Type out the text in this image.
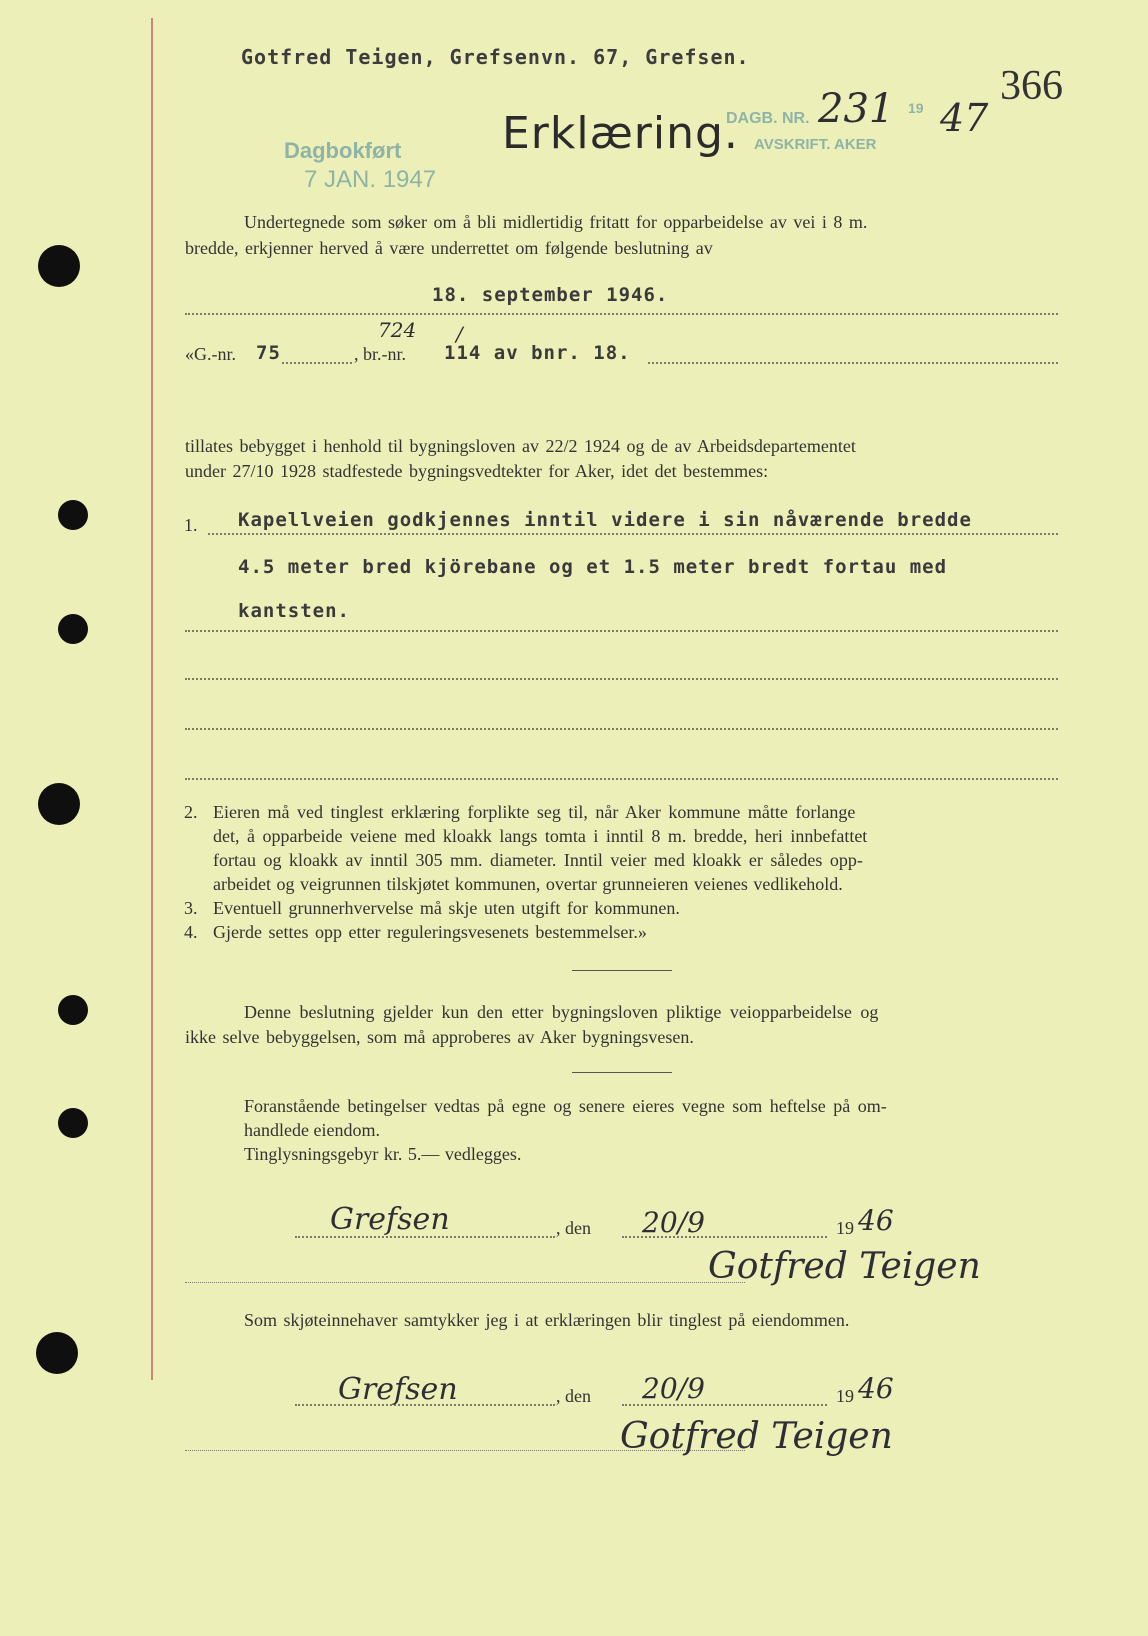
Gotfred Teigen, Grefsenvn. 67, Grefsen.
366
Dagbokført
7 JAN. 1947
Erklæring.
DAGB. NR. 231 19 47
AVSKRIFT. AKER
Undertegnede som søker om å bli midlertidig fritatt for opparbeidelse av vei i 8 m.
bredde, erkjenner herved å være underrettet om følgende beslutning av
18. september 1946.
«G.-nr. 75	, br.-nr.
724 /
114 av bnr. 18.
tillates bebygget i henhold til bygningsloven av 22/2 1924 og de av Arbeidsdepartementet
under 27/10 1928 stadfestede bygningsvedtekter for Aker, idet det bestemmes:
1. Kapellveien godkjennes inntil videre i sin nåværende bredde
4.5 meter bred kjörebane og et 1.5 meter bredt fortau med
kantsten.
2. Eieren må ved tinglest erklæring forplikte seg til, når Aker kommune måtte forlange
det, å opparbeide veiene med kloakk langs tomta i inntil 8 m. bredde, heri innbefattet
fortau og kloakk av inntil 305 mm. diameter. Inntil veier med kloakk er således opp-
arbeidet og veigrunnen tilskjøtet kommunen, overtar grunneieren veienes vedlikehold.
3. Eventuell grunnerhvervelse må skje uten utgift for kommunen.
4. Gjerde settes opp etter reguleringsvesenets bestemmelser.»
Denne beslutning gjelder kun den etter bygningsloven pliktige veiopparbeidelse og
ikke selve bebyggelsen, som må approberes av Aker bygningsvesen.
Foranstående betingelser vedtas på egne og senere eieres vegne som heftelse på om-
handlede eiendom.
Tinglysningsgebyr kr. 5.— vedlegges.
Grefsen	, den 20/9	19 46
Gotfred Teigen
Som skjøteinnehaver samtykker jeg i at erklæringen blir tinglest på eiendommen.
Grefsen	, den 20/9	19 46
Gotfred Teigen
